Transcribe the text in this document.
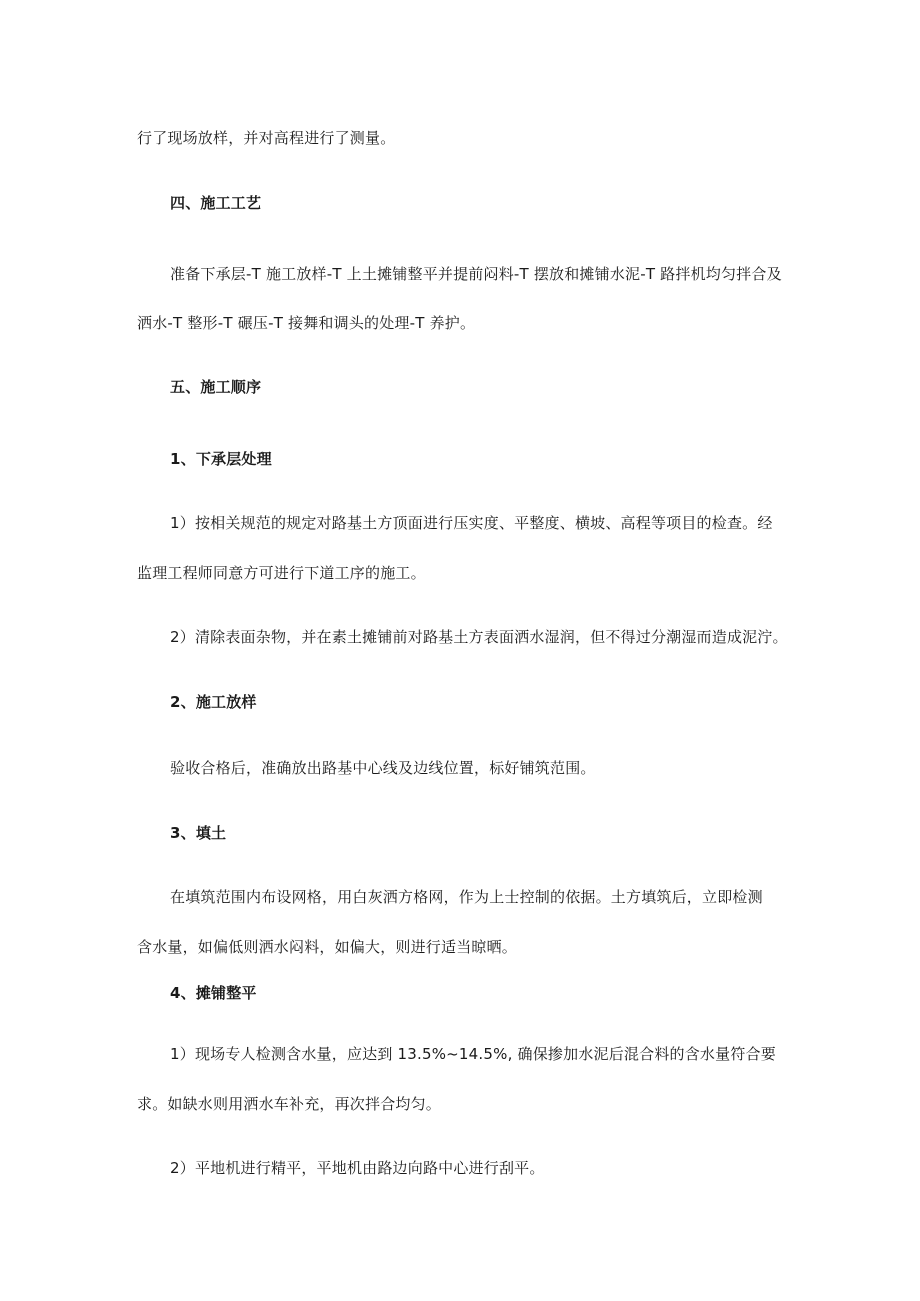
行了现场放样，并对高程进行了测量。
四、施工工艺
准备下承层-T 施工放样-T 上土摊铺整平并提前闷料-T 摆放和摊铺水泥-T 路拌机均匀拌合及
洒水-T 整形-T 碾压-T 接舞和调头的处理-T 养护。
五、施工顺序
1、下承层处理
1）按相关规范的规定对路基土方顶面进行压实度、平整度、横坡、高程等项目的检查。经
监理工程师同意方可进行下道工序的施工。
2）清除表面杂物，并在素土摊铺前对路基土方表面洒水湿润，但不得过分潮湿而造成泥泞。
2、施工放样
验收合格后，准确放出路基中心线及边线位置，标好铺筑范围。
3、填土
在填筑范围内布设网格，用白灰洒方格网，作为上士控制的依据。土方填筑后，立即检测
含水量，如偏低则洒水闷料，如偏大，则进行适当晾晒。
4、摊铺整平
1）现场专人检测含水量，应达到 13.5%~14.5%, 确保掺加水泥后混合料的含水量符合要
求。如缺水则用洒水车补充，再次拌合均匀。
2）平地机进行精平，平地机由路边向路中心进行刮平。
